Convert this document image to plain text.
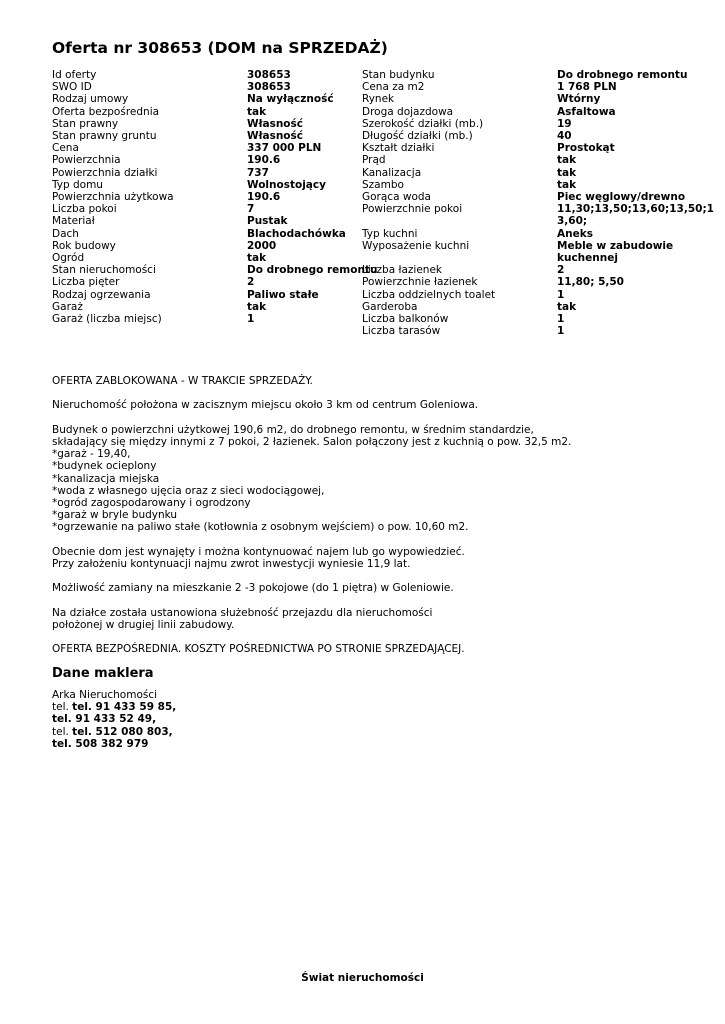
Oferta nr 308653 (DOM na SPRZEDAŻ)
Id oferty	308653
SWO ID	308653
Rodzaj umowy	Na wyłączność
Oferta bezpośrednia	tak
Stan prawny	Własność
Stan prawny gruntu	Własność
Cena	337 000 PLN
Powierzchnia	190.6
Powierzchnia działki	737
Typ domu	Wolnostojący
Powierzchnia użytkowa	190.6
Liczba pokoi	7
Materiał	Pustak
Dach	Blachodachówka
Rok budowy	2000
Ogród	tak
Stan nieruchomości	Do drobnego remontu
Liczba pięter	2
Rodzaj ogrzewania	Paliwo stałe
Garaż	tak
Garaż (liczba miejsc)	1
Stan budynku	Do drobnego remontu
Cena za m2	1 768 PLN
Rynek	Wtórny
Droga dojazdowa	Asfaltowa
Szerokość działki (mb.)	19
Długość działki (mb.)	40
Kształt działki	Prostokąt
Prąd	tak
Kanalizacja	tak
Szambo	tak
Gorąca woda	Piec węglowy/drewno
Powierzchnie pokoi	11,30;13,50;13,60;13,50;13,60;
Typ kuchni	Aneks
Wyposażenie kuchni	Meble w zabudowie kuchennej
Liczba łazienek	2
Powierzchnie łazienek	11,80; 5,50
Liczba oddzielnych toalet	1
Garderoba	tak
Liczba balkonów	1
Liczba tarasów	1

OFERTA ZABLOKOWANA - W TRAKCIE SPRZEDAŻY.

Nieruchomość położona w zacisznym miejscu około 3 km od centrum Goleniowa.

Budynek o powierzchni użytkowej 190,6 m2, do drobnego remontu, w średnim standardzie,
składający się między innymi z 7 pokoi, 2 łazienek. Salon połączony jest z kuchnią o pow. 32,5 m2.
*garaż - 19,40,
*budynek ocieplony
*kanalizacja miejska
*woda z własnego ujęcia oraz z sieci wodociągowej,
*ogród zagospodarowany i ogrodzony
*garaż w bryle budynku
*ogrzewanie na paliwo stałe (kotłownia z osobnym wejściem) o pow. 10,60 m2.

Obecnie dom jest wynajęty i można kontynuować najem lub go wypowiedzieć.
Przy założeniu kontynuacji najmu zwrot inwestycji wyniesie 11,9 lat.

Możliwość zamiany na mieszkanie 2 -3 pokojowe (do 1 piętra) w Goleniowie.

Na działce została ustanowiona służebność przejazdu dla nieruchomości
położonej w drugiej linii zabudowy.

OFERTA BEZPOŚREDNIA. KOSZTY POŚREDNICTWA PO STRONIE SPRZEDAJĄCEJ.

Dane maklera
Arka Nieruchomości
tel. tel. 91 433 59 85,
tel. 91 433 52 49,
tel. tel. 512 080 803,
tel. 508 382 979
Świat nieruchomości
